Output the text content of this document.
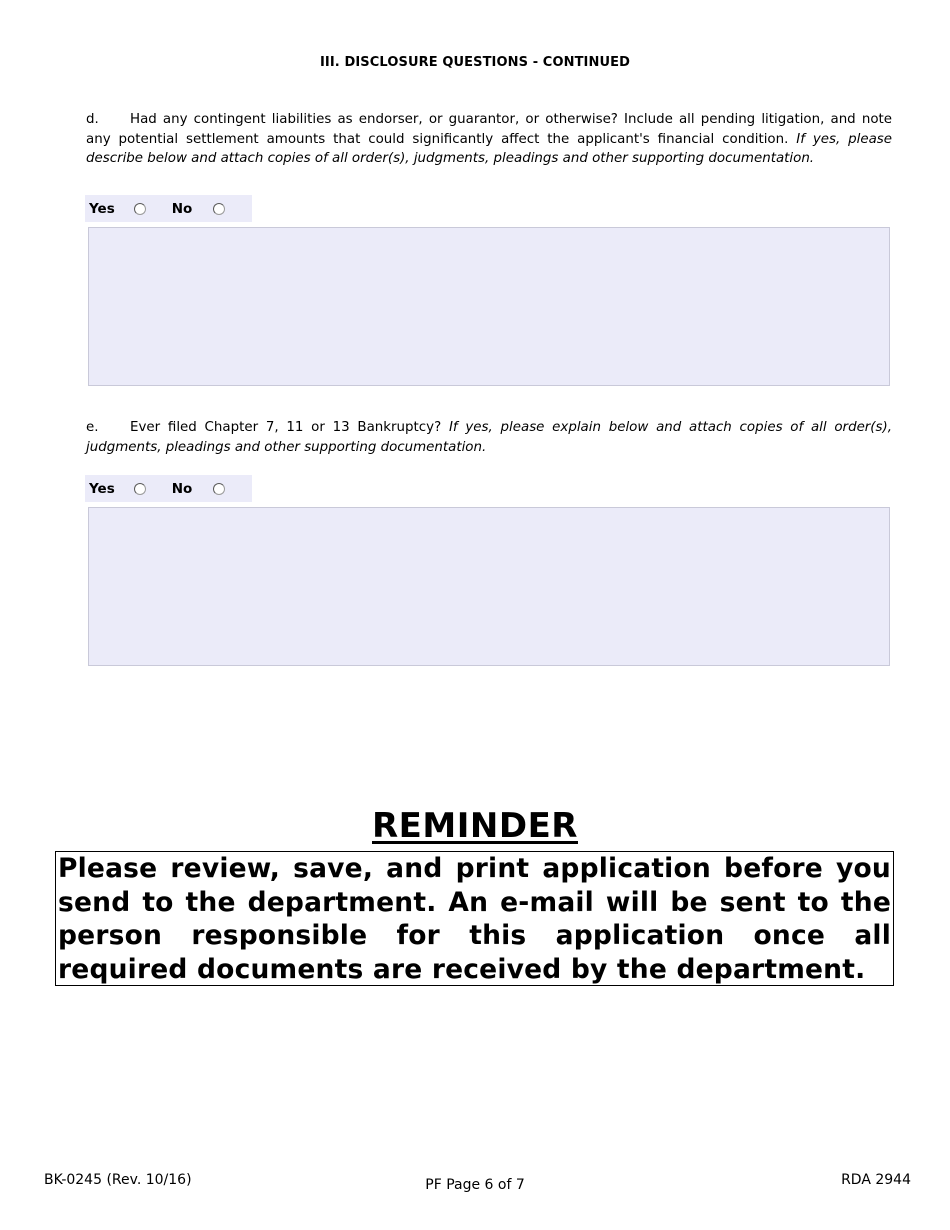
III. DISCLOSURE QUESTIONS - CONTINUED
d. Had any contingent liabilities as endorser, or guarantor, or otherwise? Include all pending litigation, and note any potential settlement amounts that could significantly affect the applicant's financial condition. If yes, please describe below and attach copies of all order(s), judgments, pleadings and other supporting documentation.
Yes	No
e. Ever filed Chapter 7, 11 or 13 Bankruptcy? If yes, please explain below and attach copies of all order(s), judgments, pleadings and other supporting documentation.
Yes	No
REMINDER
Please review, save, and print application before you send to the department. An e-mail will be sent to the person responsible for this application once all required documents are received by the department.
BK-0245 (Rev. 10/16)	PF Page 6 of 7	RDA 2944
